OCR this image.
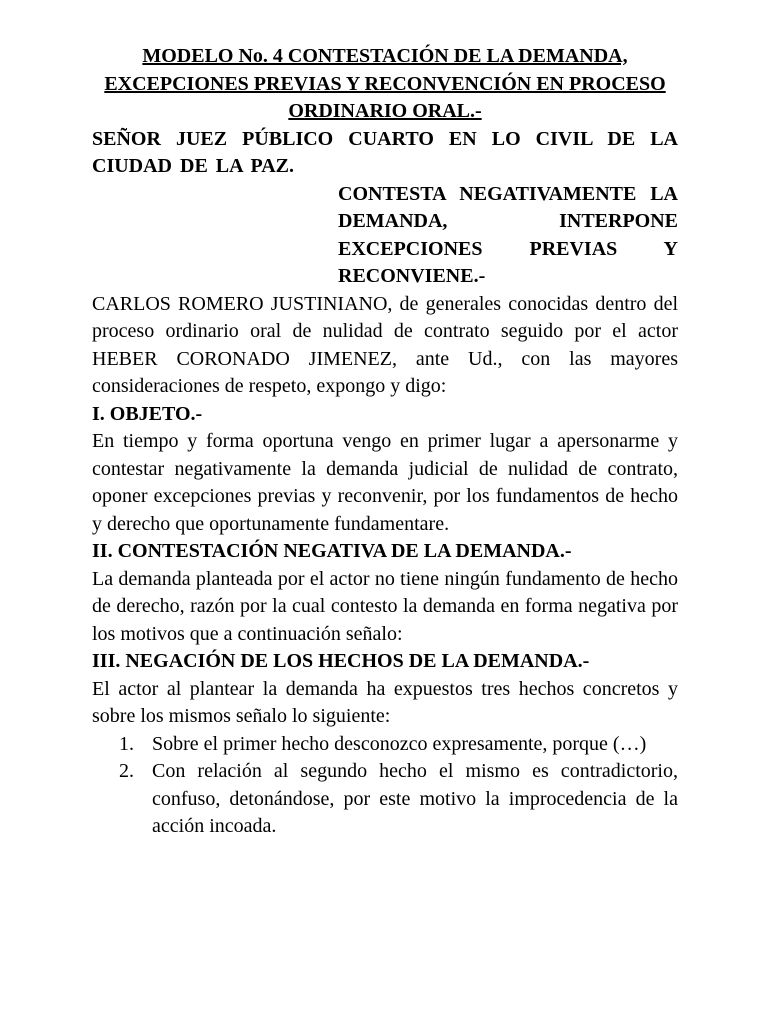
MODELO No. 4 CONTESTACIÓN DE LA DEMANDA,
EXCEPCIONES PREVIAS Y RECONVENCIÓN EN PROCESO
ORDINARIO ORAL.-

SEÑOR JUEZ PÚBLICO CUARTO EN LO CIVIL DE LA CIUDAD DE LA PAZ.

CONTESTA NEGATIVAMENTE LA
DEMANDA, INTERPONE
EXCEPCIONES PREVIAS Y
RECONVIENE.-

CARLOS ROMERO JUSTINIANO, de generales conocidas dentro del proceso ordinario oral de nulidad de contrato seguido por el actor HEBER CORONADO JIMENEZ, ante Ud., con las mayores consideraciones de respeto, expongo y digo:

I. OBJETO.-

En tiempo y forma oportuna vengo en primer lugar a apersonarme y contestar negativamente la demanda judicial de nulidad de contrato, oponer excepciones previas y reconvenir, por los fundamentos de hecho y derecho que oportunamente fundamentare.

II. CONTESTACIÓN NEGATIVA DE LA DEMANDA.-

La demanda planteada por el actor no tiene ningún fundamento de hecho de derecho, razón por la cual contesto la demanda en forma negativa por los motivos que a continuación señalo:

III. NEGACIÓN DE LOS HECHOS DE LA DEMANDA.-

El actor al plantear la demanda ha expuestos tres hechos concretos y sobre los mismos señalo lo siguiente:

1. Sobre el primer hecho desconozco expresamente, porque (…)
2. Con relación al segundo hecho el mismo es contradictorio, confuso, detonándose, por este motivo la improcedencia de la acción incoada.
